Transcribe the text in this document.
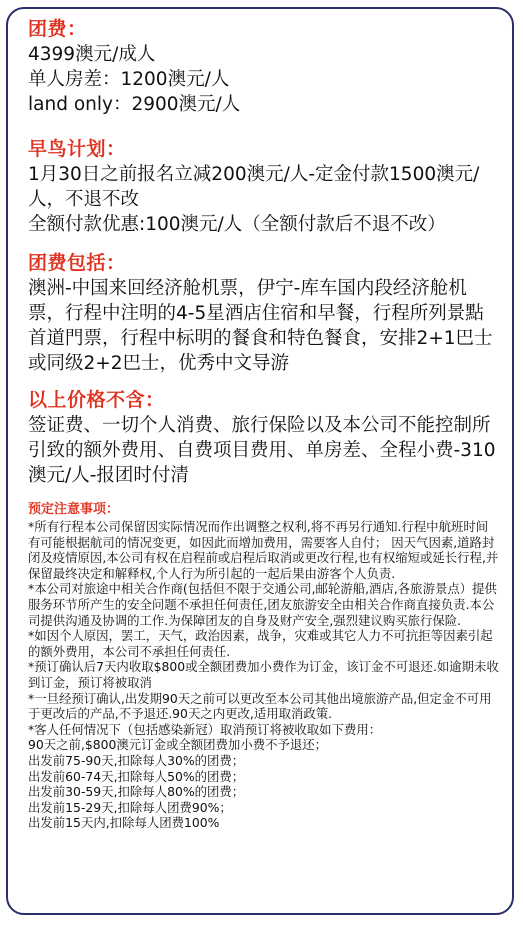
团费：

4399澳元/成人

单人房差：1200澳元/人

land only：2900澳元/人

早鸟计划：

1月30日之前报名立减200澳元/人-定金付款1500澳元/人，不退不改

全额付款优惠:100澳元/人（全额付款后不退不改）

团费包括：

澳洲-中国来回经济舱机票，伊宁-库车国内段经济舱机票，行程中注明的4-5星酒店住宿和早餐，行程所列景點首道門票，行程中标明的餐食和特色餐食，安排2+1巴士或同级2+2巴士，优秀中文导游

以上价格不含：

签证费、一切个人消费、旅行保险以及本公司不能控制所引致的额外费用、自费项目费用、单房差、全程小费-310澳元/人-报团时付清

预定注意事项：

*所有行程本公司保留因实际情况而作出调整之权利,将不再另行通知.行程中航班时间有可能根据航司的情况变更，如因此而增加费用，需要客人自付； 因天气因素,道路封闭及疫情原因,本公司有权在启程前或启程后取消或更改行程,也有权缩短或延长行程,并保留最终决定和解释权,个人行为所引起的一起后果由游客个人负责.

*本公司对旅途中相关合作商(包括但不限于交通公司,邮轮游船,酒店,各旅游景点）提供服务环节所产生的安全问题不承担任何责任,团友旅游安全由相关合作商直接负责.本公司提供沟通及协调的工作.为保障团友的自身及财产安全,强烈建议购买旅行保险.

*如因个人原因，罢工，天气，政治因素，战争，灾难或其它人力不可抗拒等因素引起的额外费用，本公司不承担任何责任.

*预订确认后7天内收取$800或全额团费加小费作为订金，该订金不可退还.如逾期未收到订金，预订将被取消

*一旦经预订确认,出发期90天之前可以更改至本公司其他出境旅游产品,但定金不可用于更改后的产品,不予退还.90天之内更改,适用取消政策.

*客人任何情况下（包括感染新冠）取消预订将被收取如下费用：

90天之前,$800澳元订金或全额团费加小费不予退还；

出发前75-90天,扣除每人30%的团费；

出发前60-74天,扣除每人50%的团费；

出发前30-59天,扣除每人80%的团费；

出发前15-29天,扣除每人团费90%；

出发前15天内,扣除每人团费100%
